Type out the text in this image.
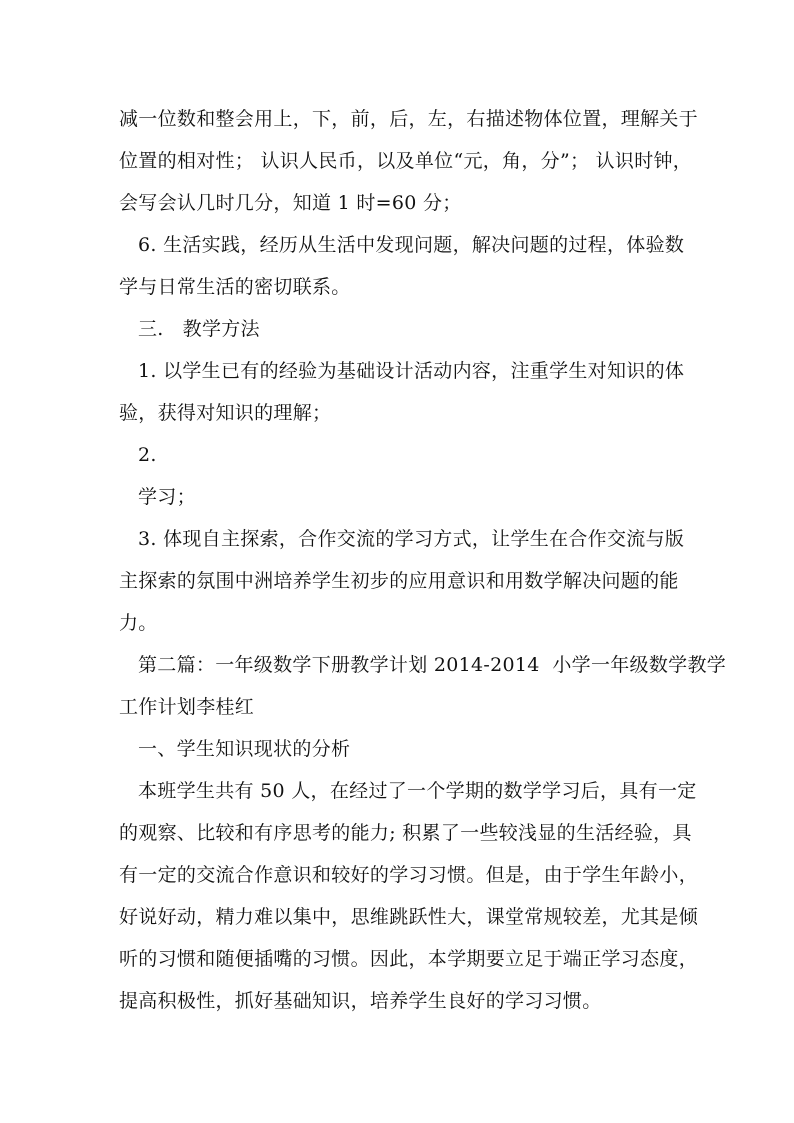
减一位数和整会用上，下，前，后，左，右描述物体位置，理解关于
位置的相对性； 认识人民币，以及单位“元，角，分”； 认识时钟，
会写会认几时几分，知道 1 时=60 分；
6. 生活实践，经历从生活中发现问题，解决问题的过程，体验数
学与日常生活的密切联系。
三.   教学方法
1. 以学生已有的经验为基础设计活动内容，注重学生对知识的体
验，获得对知识的理解；
2.
学习；
3. 体现自主探索，合作交流的学习方式，让学生在合作交流与版
主探索的氛围中洲培养学生初步的应用意识和用数学解决问题的能
力。
第二篇：一年级数学下册教学计划 2014-2014  小学一年级数学教学
工作计划李桂红
一、学生知识现状的分析
本班学生共有 50 人，在经过了一个学期的数学学习后，具有一定
的观察、比较和有序思考的能力; 积累了一些较浅显的生活经验，具
有一定的交流合作意识和较好的学习习惯。但是，由于学生年龄小，
好说好动，精力难以集中，思维跳跃性大，课堂常规较差，尤其是倾
听的习惯和随便插嘴的习惯。因此，本学期要立足于端正学习态度，
提高积极性，抓好基础知识，培养学生良好的学习习惯。
